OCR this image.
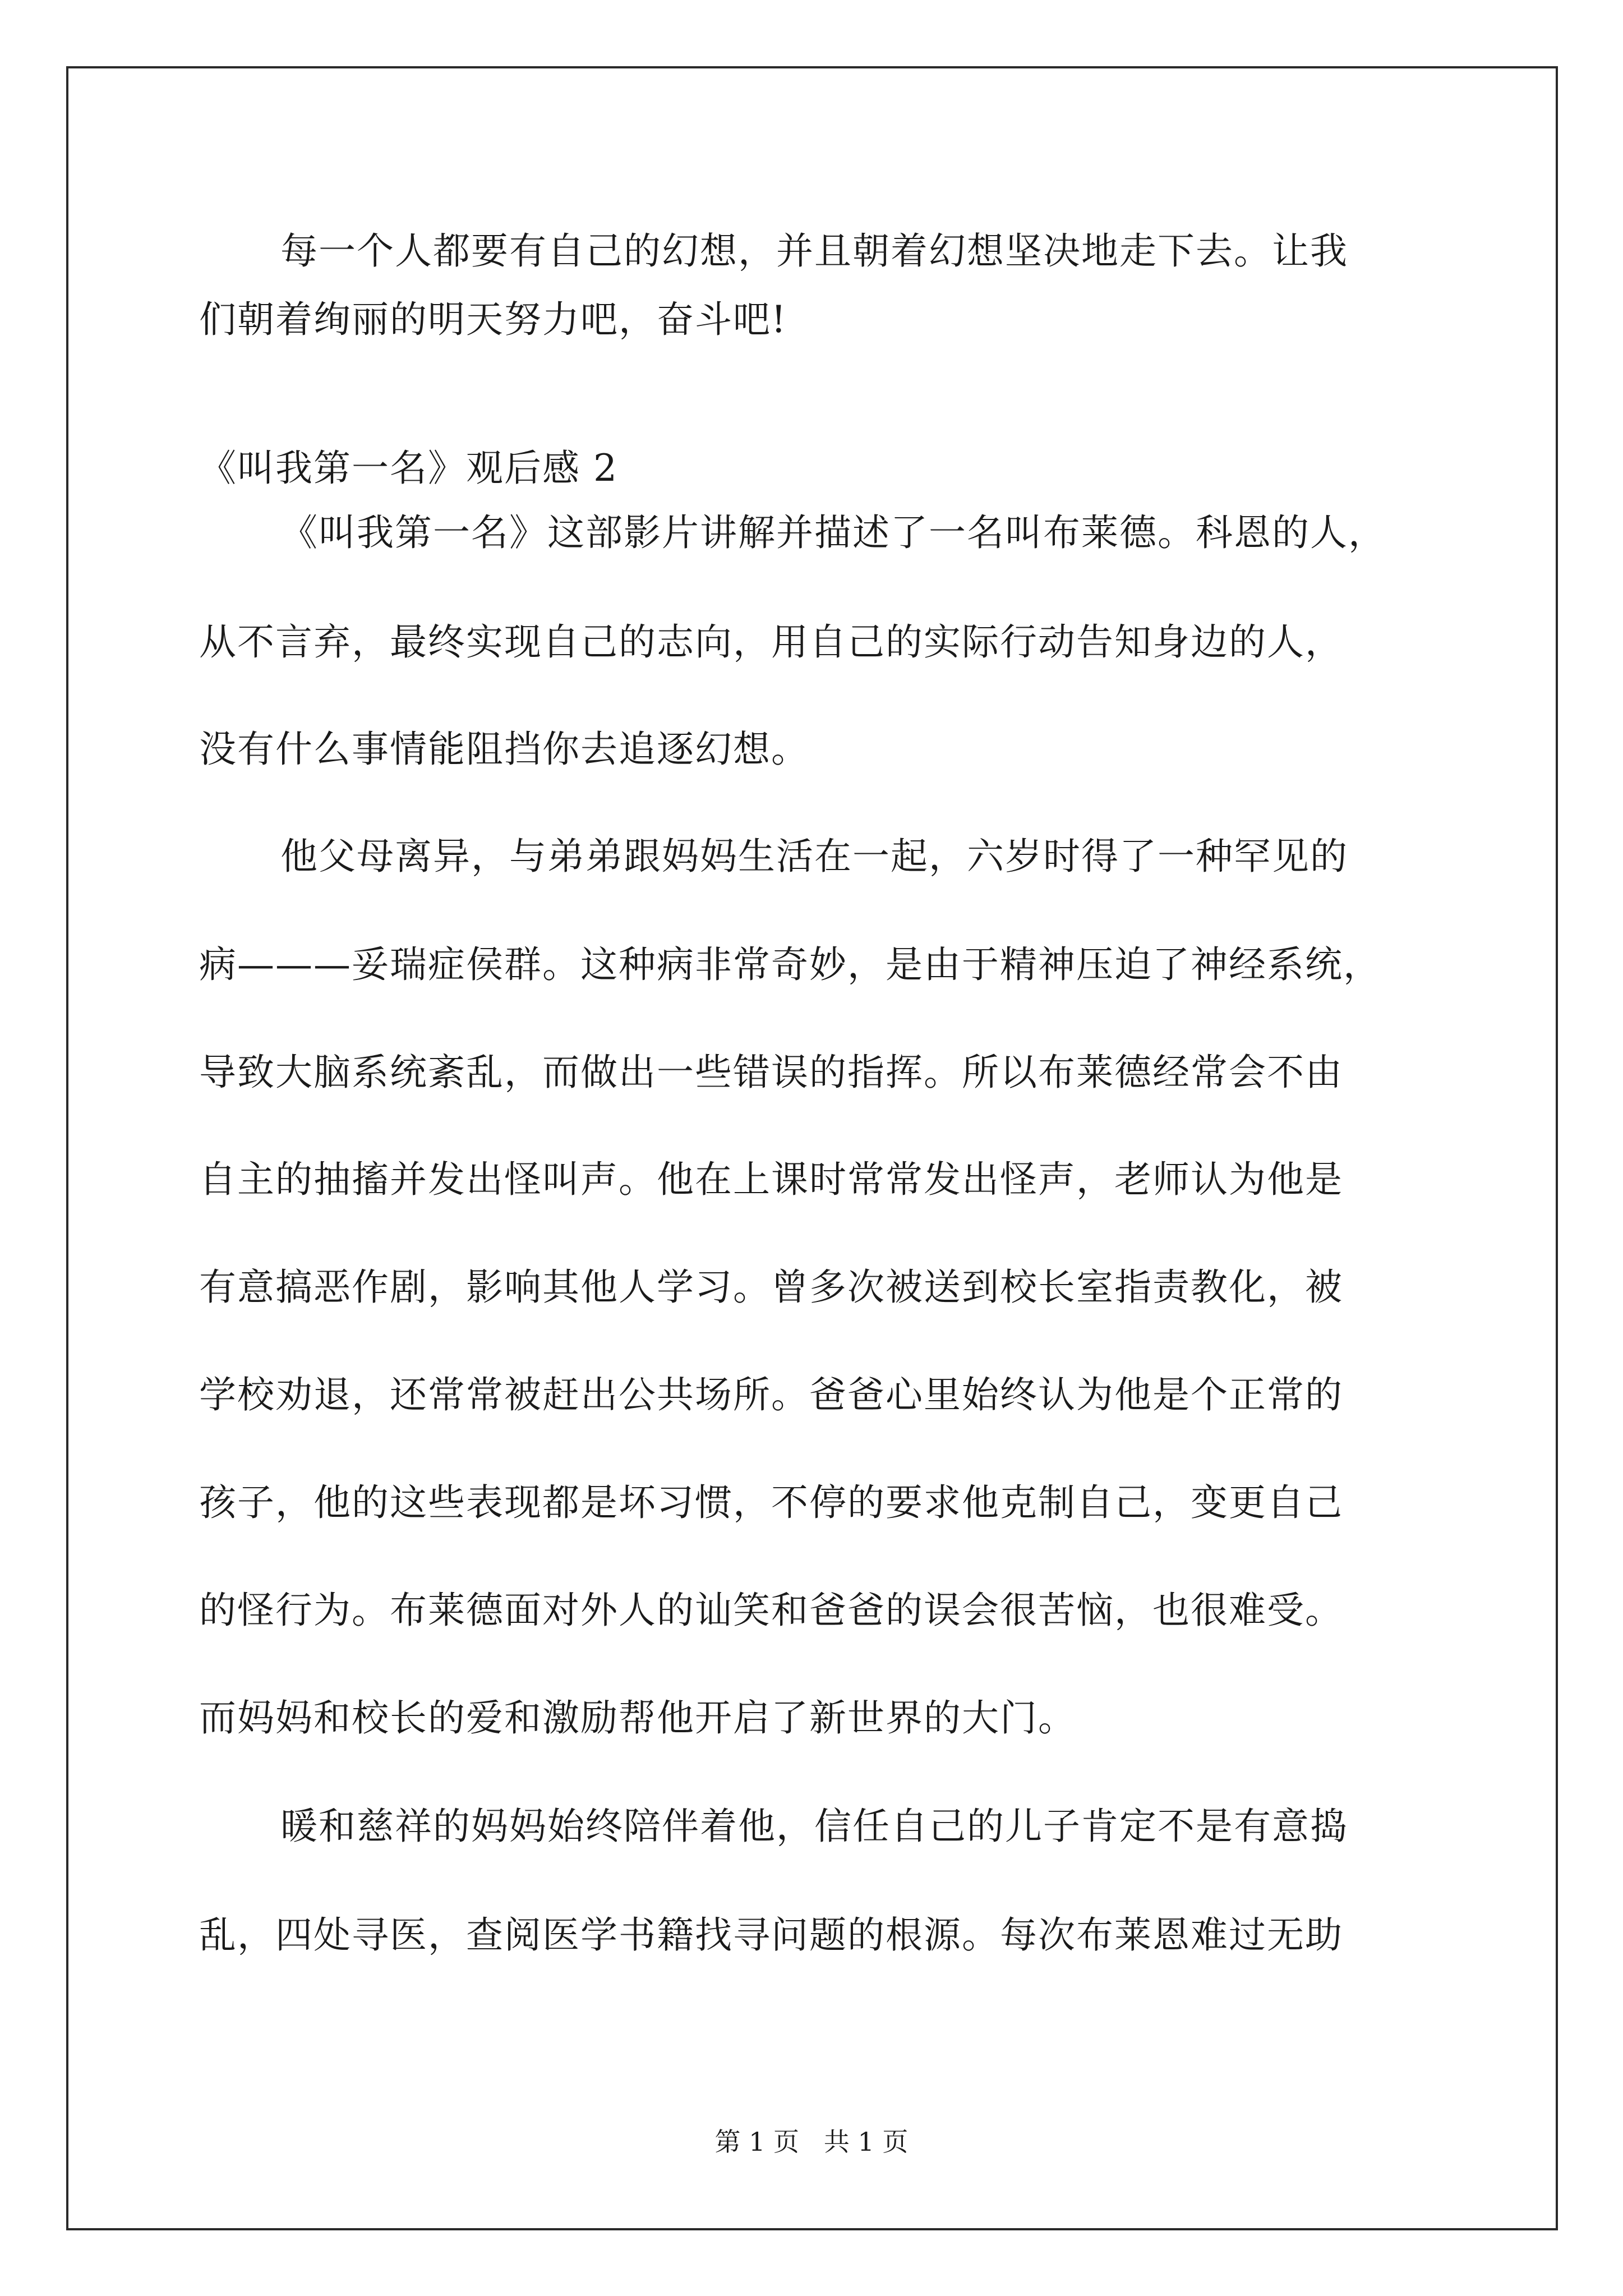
每一个人都要有自己的幻想，并且朝着幻想坚决地走下去。让我
们朝着绚丽的明天努力吧，奋斗吧!
《叫我第一名》观后感 2
《叫我第一名》这部影片讲解并描述了一名叫布莱德。科恩的人，
从不言弃，最终实现自己的志向，用自己的实际行动告知身边的人，
没有什么事情能阻挡你去追逐幻想。
他父母离异，与弟弟跟妈妈生活在一起，六岁时得了一种罕见的
病———妥瑞症侯群。这种病非常奇妙，是由于精神压迫了神经系统，
导致大脑系统紊乱，而做出一些错误的指挥。所以布莱德经常会不由
自主的抽搐并发出怪叫声。他在上课时常常发出怪声，老师认为他是
有意搞恶作剧，影响其他人学习。曾多次被送到校长室指责教化，被
学校劝退，还常常被赶出公共场所。爸爸心里始终认为他是个正常的
孩子，他的这些表现都是坏习惯，不停的要求他克制自己，变更自己
的怪行为。布莱德面对外人的讪笑和爸爸的误会很苦恼，也很难受。
而妈妈和校长的爱和激励帮他开启了新世界的大门。
暖和慈祥的妈妈始终陪伴着他，信任自己的儿子肯定不是有意捣
乱，四处寻医，查阅医学书籍找寻问题的根源。每次布莱恩难过无助
第 1 页   共 1 页
